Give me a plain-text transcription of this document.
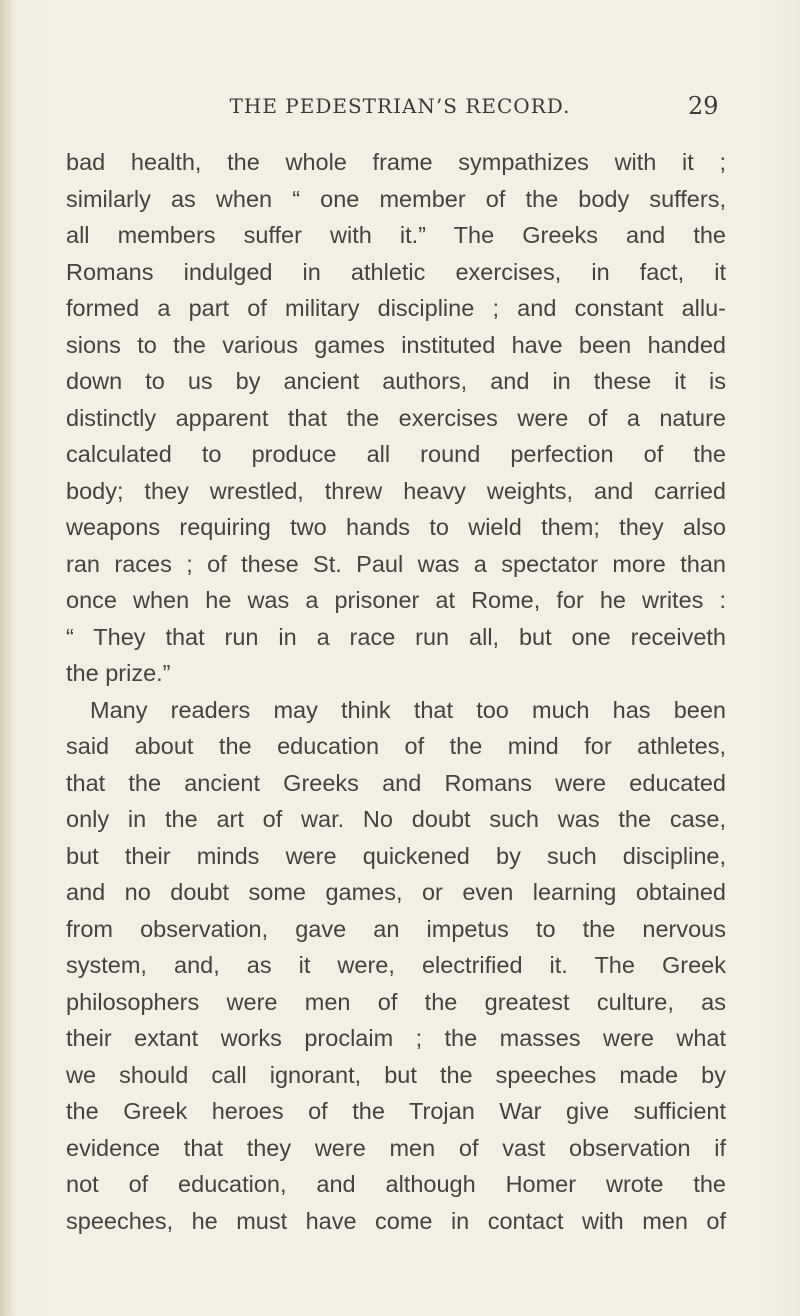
THE PEDESTRIAN’S RECORD.	29
bad health, the whole frame sympathizes with it ;
similarly as when “ one member of the body suffers,
all members suffer with it.” The Greeks and the
Romans indulged in athletic exercises, in fact, it
formed a part of military discipline ; and constant allu-
sions to the various games instituted have been handed
down to us by ancient authors, and in these it is
distinctly apparent that the exercises were of a nature
calculated to produce all round perfection of the
body; they wrestled, threw heavy weights, and carried
weapons requiring two hands to wield them; they also
ran races ; of these St. Paul was a spectator more than
once when he was a prisoner at Rome, for he writes :
“ They that run in a race run all, but one receiveth
the prize.”
Many readers may think that too much has been
said about the education of the mind for athletes,
that the ancient Greeks and Romans were educated
only in the art of war. No doubt such was the case,
but their minds were quickened by such discipline,
and no doubt some games, or even learning obtained
from observation, gave an impetus to the nervous
system, and, as it were, electrified it. The Greek
philosophers were men of the greatest culture, as
their extant works proclaim ; the masses were what
we should call ignorant, but the speeches made by
the Greek heroes of the Trojan War give sufficient
evidence that they were men of vast observation if
not of education, and although Homer wrote the
speeches, he must have come in contact with men of
